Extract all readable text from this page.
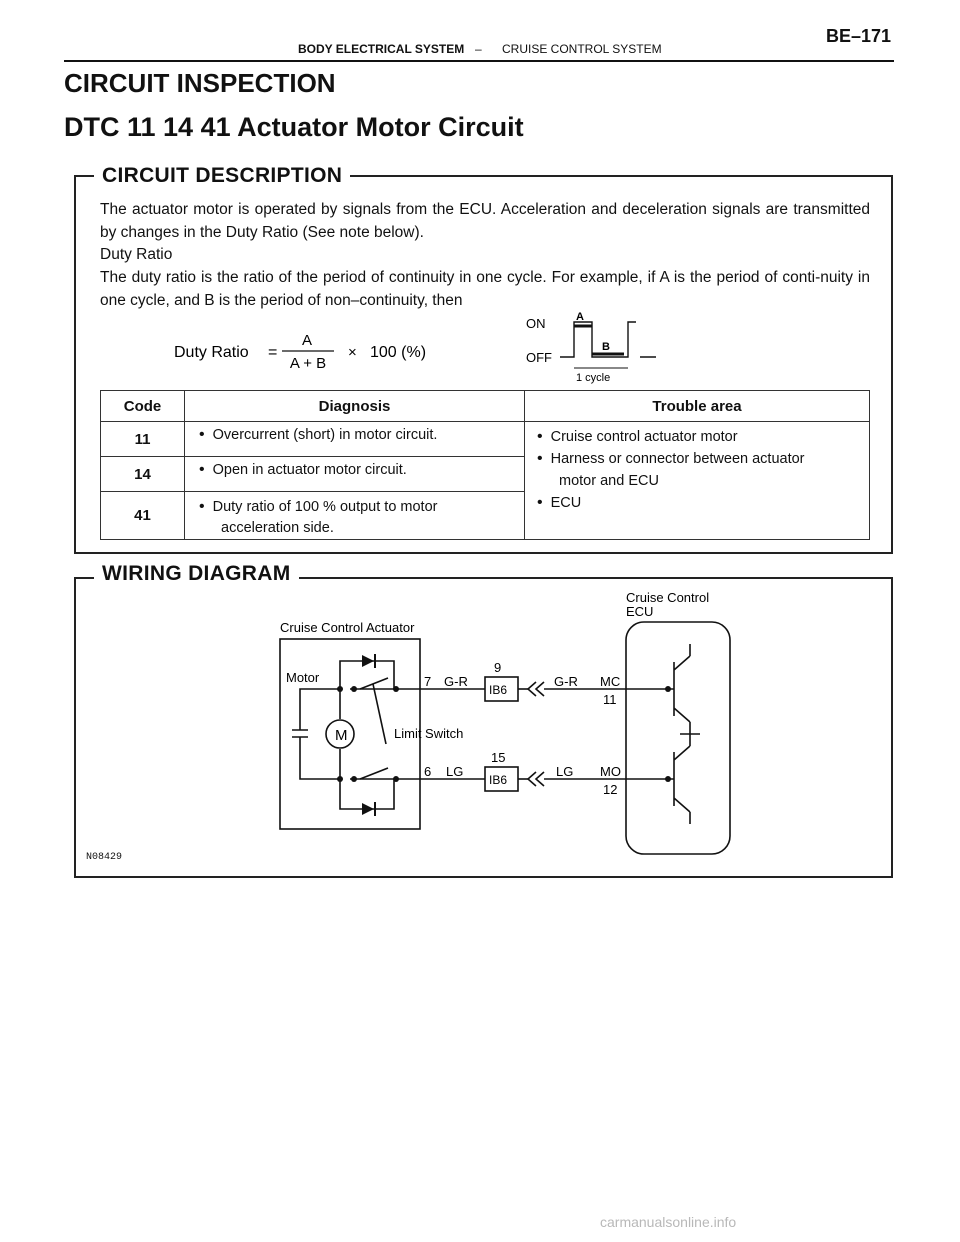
BODY ELECTRICAL SYSTEM – CRUISE CONTROL SYSTEM
BE–171
CIRCUIT INSPECTION
DTC 11 14 41 Actuator Motor Circuit
CIRCUIT DESCRIPTION
The actuator motor is operated by signals from the ECU. Acceleration and deceleration signals are transmitted by changes in the Duty Ratio (See note below).
Duty Ratio
The duty ratio is the ratio of the period of continuity in one cycle. For example, if A is the period of conti-nuity in one cycle, and B is the period of non–continuity, then
Duty Ratio =
A
A + B
× 100 (%)
ON
OFF
A
B
1 cycle
Code	Diagnosis	Trouble area
11	• Overcurrent (short) in motor circuit.	• Cruise control actuator motor
• Harness or connector between actuator
motor and ECU
• ECU

14	• Open in actuator motor circuit.
41	• Duty ratio of 100 % output to motor
acceleration side.
WIRING DIAGRAM
Cruise Control Actuator
Cruise Control
ECU
Motor
M	Limit Switch
7 G-R
9
IB6
G-R MC
11
6 LG
15
IB6
LG MO
12
N08429
carmanualsonline.info
